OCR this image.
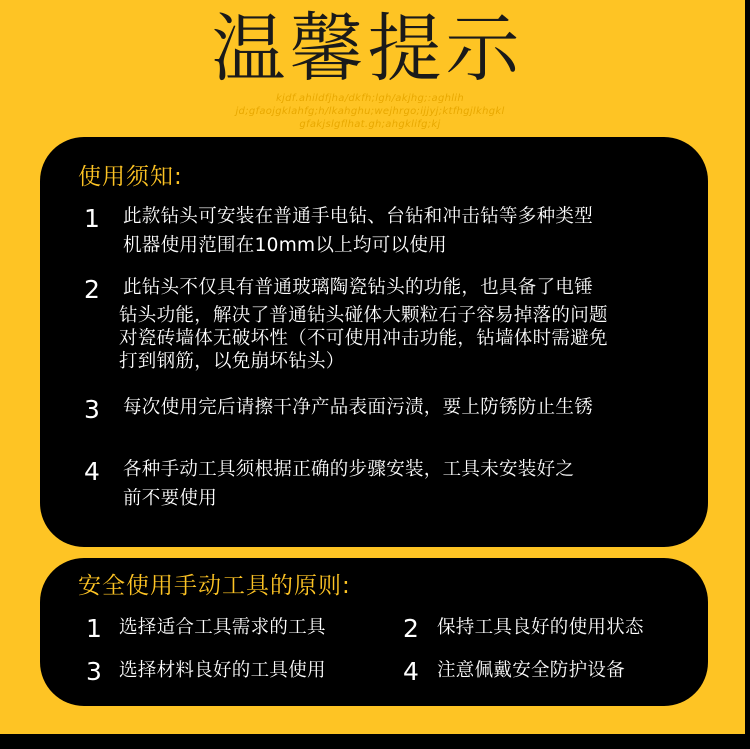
温馨提示
kjdf.ahildfjha/dkfh;lgh/akjhg;:aghlih
jd;gfaojgklahfg;h/lkahghu;wejhrgo;ijjyj;ktfhgjlkhgkl
gfakjslgflhat.gh;ahgklifg;kj
使用须知:
1 此款钻头可安装在普通手电钻、台钻和冲击钻等多种类型
机器使用范围在10mm以上均可以使用
2 此钻头不仅具有普通玻璃陶瓷钻头的功能，也具备了电锤
钻头功能，解决了普通钻头碰体大颗粒石子容易掉落的问题
对瓷砖墙体无破坏性（不可使用冲击功能，钻墙体时需避免
打到钢筋，以免崩坏钻头）
3 每次使用完后请擦干净产品表面污渍，要上防锈防止生锈
4 各种手动工具须根据正确的步骤安装，工具未安装好之
前不要使用
安全使用手动工具的原则:
1 选择适合工具需求的工具	2 保持工具良好的使用状态
3 选择材料良好的工具使用	4 注意佩戴安全防护设备
